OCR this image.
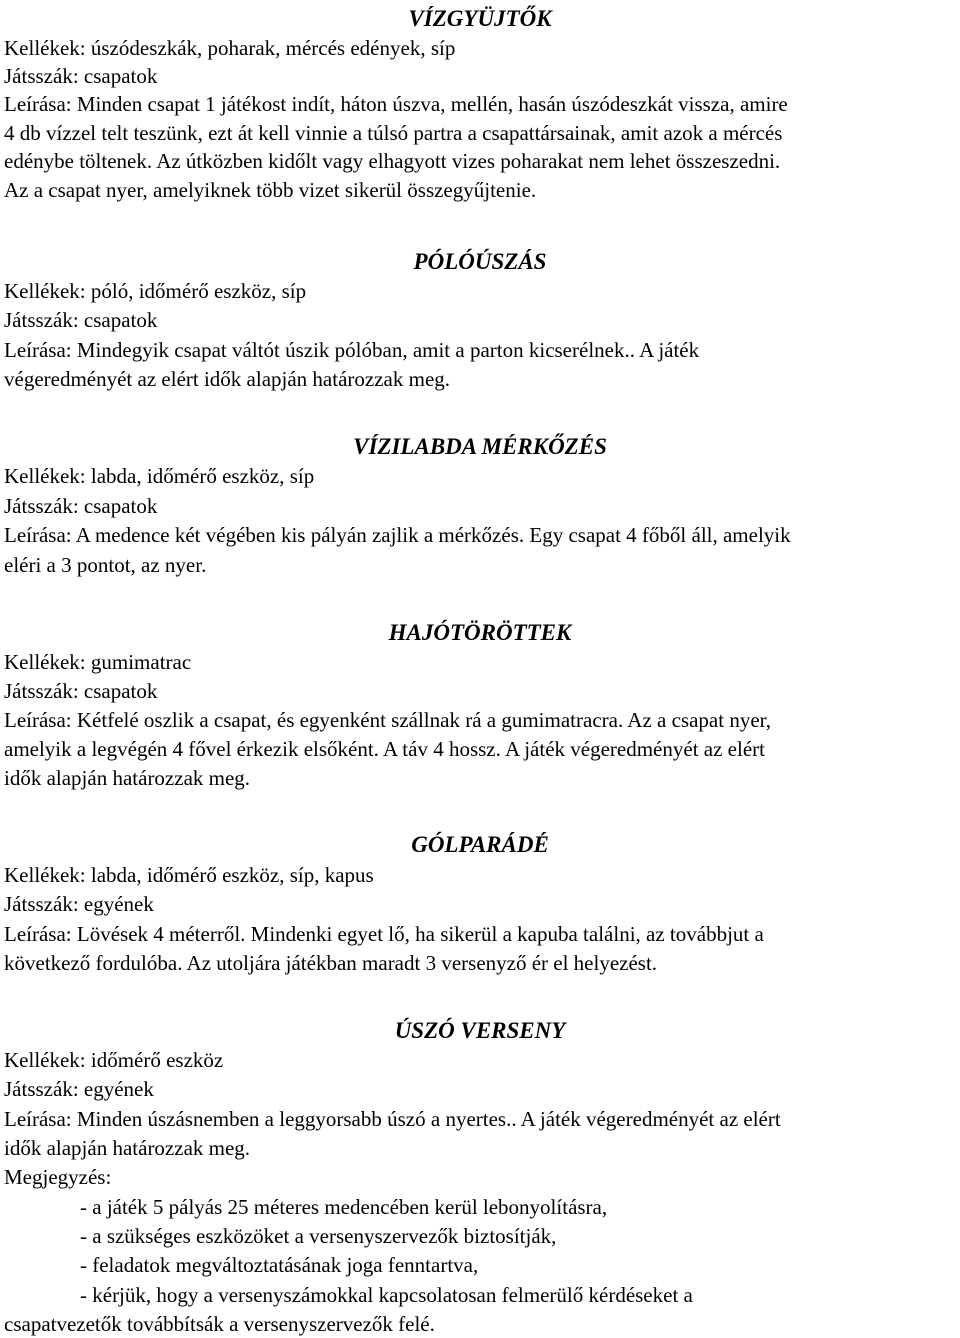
VÍZGYÜJTŐK
Kellékek: úszódeszkák, poharak, mércés edények, síp
Játsszák: csapatok
Leírása: Minden csapat 1 játékost indít, háton úszva, mellén, hasán úszódeszkát vissza, amire
4 db vízzel telt teszünk, ezt át kell vinnie a túlsó partra a csapattársainak, amit azok a mércés
edénybe töltenek. Az útközben kidőlt vagy elhagyott vizes poharakat nem lehet összeszedni.
Az a csapat nyer, amelyiknek több vizet sikerül összegyűjtenie.
PÓLÓÚSZÁS
Kellékek: póló, időmérő eszköz, síp
Játsszák: csapatok
Leírása: Mindegyik csapat váltót úszik pólóban, amit a parton kicserélnek.. A játék
végeredményét az elért idők alapján határozzak meg.
VÍZILABDA MÉRKŐZÉS
Kellékek: labda, időmérő eszköz, síp
Játsszák: csapatok
Leírása: A medence két végében kis pályán zajlik a mérkőzés. Egy csapat 4 főből áll, amelyik
eléri a 3 pontot, az nyer.
HAJÓTÖRÖTTEK
Kellékek: gumimatrac
Játsszák: csapatok
Leírása: Kétfelé oszlik a csapat, és egyenként szállnak rá a gumimatracra. Az a csapat nyer,
amelyik a legvégén 4 fővel érkezik elsőként. A táv 4 hossz. A játék végeredményét az elért
idők alapján határozzak meg.
GÓLPARÁDÉ
Kellékek: labda, időmérő eszköz, síp, kapus
Játsszák: egyének
Leírása: Lövések 4 méterről. Mindenki egyet lő, ha sikerül a kapuba találni, az továbbjut a
következő fordulóba. Az utoljára játékban maradt 3 versenyző ér el helyezést.
ÚSZÓ VERSENY
Kellékek: időmérő eszköz
Játsszák: egyének
Leírása: Minden úszásnemben a leggyorsabb úszó a nyertes.. A játék végeredményét az elért
idők alapján határozzak meg.
Megjegyzés:
- a játék 5 pályás 25 méteres medencében kerül lebonyolításra,
- a szükséges eszközöket a versenyszervezők biztosítják,
- feladatok megváltoztatásának joga fenntartva,
- kérjük, hogy a versenyszámokkal kapcsolatosan felmerülő kérdéseket a
csapatvezetők továbbítsák a versenyszervezők felé.
